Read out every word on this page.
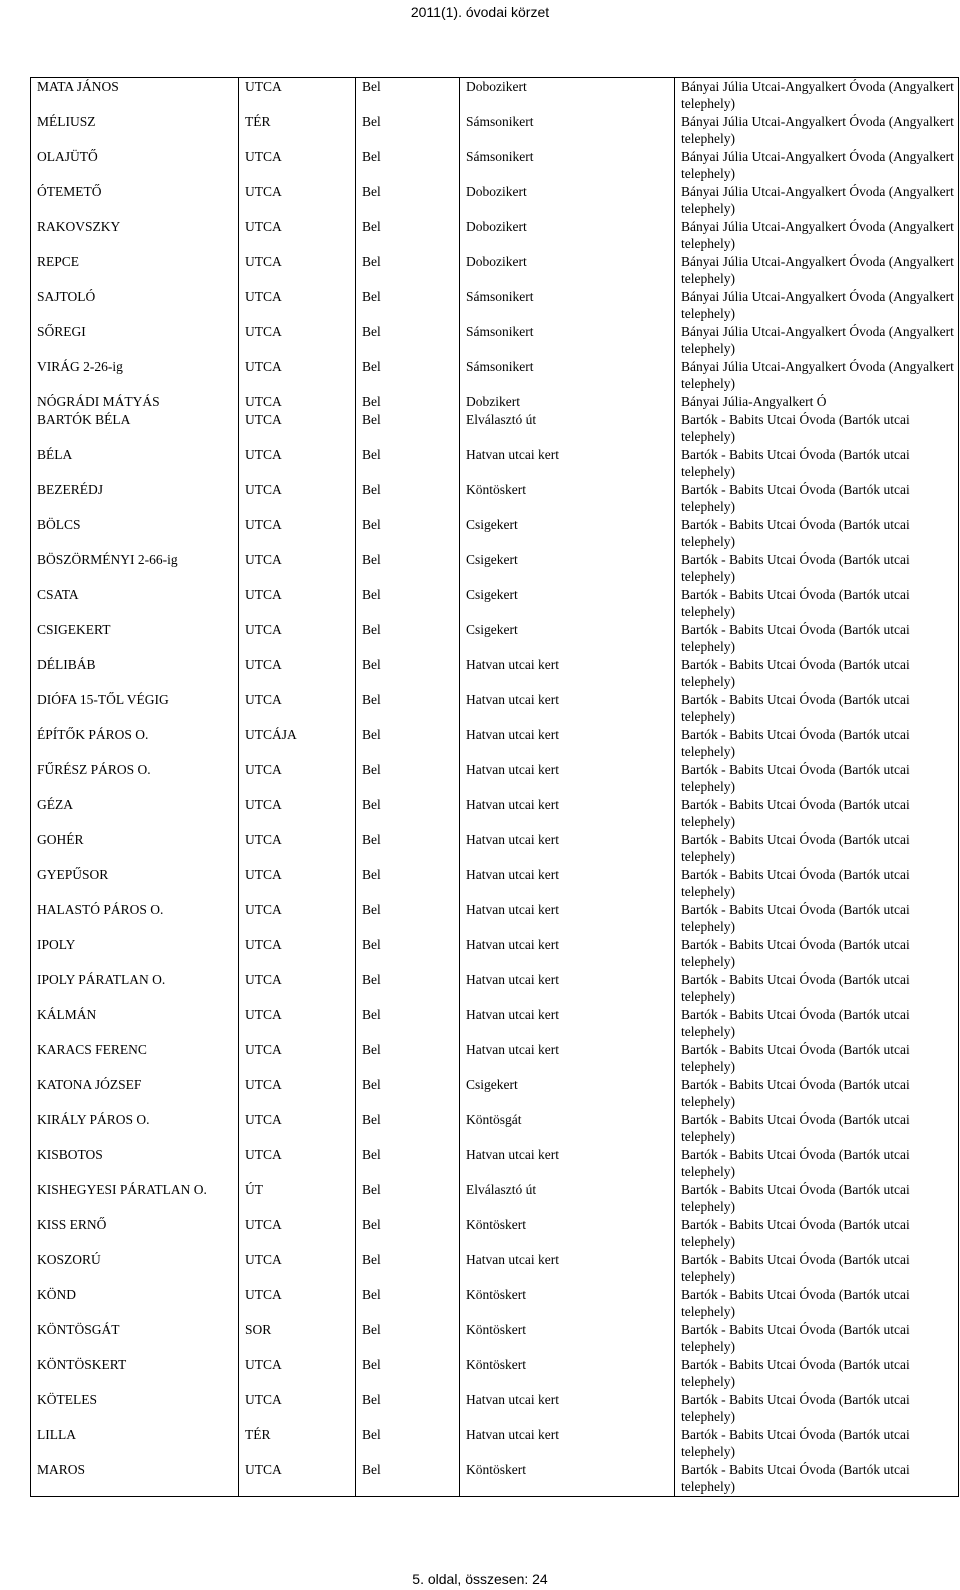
2011(1). óvodai körzet
MATA JÁNOS	UTCA	Bel	Dobozikert	Bányai Júlia Utcai-Angyalkert Óvoda (Angyalkert telephely)
MÉLIUSZ	TÉR	Bel	Sámsonikert	Bányai Júlia Utcai-Angyalkert Óvoda (Angyalkert telephely)
OLAJÜTŐ	UTCA	Bel	Sámsonikert	Bányai Júlia Utcai-Angyalkert Óvoda (Angyalkert telephely)
ÓTEMETŐ	UTCA	Bel	Dobozikert	Bányai Júlia Utcai-Angyalkert Óvoda (Angyalkert telephely)
RAKOVSZKY	UTCA	Bel	Dobozikert	Bányai Júlia Utcai-Angyalkert Óvoda (Angyalkert telephely)
REPCE	UTCA	Bel	Dobozikert	Bányai Júlia Utcai-Angyalkert Óvoda (Angyalkert telephely)
SAJTOLÓ	UTCA	Bel	Sámsonikert	Bányai Júlia Utcai-Angyalkert Óvoda (Angyalkert telephely)
SŐREGI	UTCA	Bel	Sámsonikert	Bányai Júlia Utcai-Angyalkert Óvoda (Angyalkert telephely)
VIRÁG 2-26-ig	UTCA	Bel	Sámsonikert	Bányai Júlia Utcai-Angyalkert Óvoda (Angyalkert telephely)
NÓGRÁDI MÁTYÁS	UTCA	Bel	Dobzikert	Bányai Júlia-Angyalkert Ó
BARTÓK BÉLA	UTCA	Bel	Elválasztó út	Bartók - Babits Utcai Óvoda (Bartók utcai telephely)
BÉLA	UTCA	Bel	Hatvan utcai kert	Bartók - Babits Utcai Óvoda (Bartók utcai telephely)
BEZERÉDJ	UTCA	Bel	Köntöskert	Bartók - Babits Utcai Óvoda (Bartók utcai telephely)
BÖLCS	UTCA	Bel	Csigekert	Bartók - Babits Utcai Óvoda (Bartók utcai telephely)
BÖSZÖRMÉNYI 2-66-ig	UTCA	Bel	Csigekert	Bartók - Babits Utcai Óvoda (Bartók utcai telephely)
CSATA	UTCA	Bel	Csigekert	Bartók - Babits Utcai Óvoda (Bartók utcai telephely)
CSIGEKERT	UTCA	Bel	Csigekert	Bartók - Babits Utcai Óvoda (Bartók utcai telephely)
DÉLIBÁB	UTCA	Bel	Hatvan utcai kert	Bartók - Babits Utcai Óvoda (Bartók utcai telephely)
DIÓFA 15-TŐL VÉGIG	UTCA	Bel	Hatvan utcai kert	Bartók - Babits Utcai Óvoda (Bartók utcai telephely)
ÉPÍTŐK PÁROS O.	UTCÁJA	Bel	Hatvan utcai kert	Bartók - Babits Utcai Óvoda (Bartók utcai telephely)
FŰRÉSZ PÁROS O.	UTCA	Bel	Hatvan utcai kert	Bartók - Babits Utcai Óvoda (Bartók utcai telephely)
GÉZA	UTCA	Bel	Hatvan utcai kert	Bartók - Babits Utcai Óvoda (Bartók utcai telephely)
GOHÉR	UTCA	Bel	Hatvan utcai kert	Bartók - Babits Utcai Óvoda (Bartók utcai telephely)
GYEPŰSOR	UTCA	Bel	Hatvan utcai kert	Bartók - Babits Utcai Óvoda (Bartók utcai telephely)
HALASTÓ PÁROS O.	UTCA	Bel	Hatvan utcai kert	Bartók - Babits Utcai Óvoda (Bartók utcai telephely)
IPOLY	UTCA	Bel	Hatvan utcai kert	Bartók - Babits Utcai Óvoda (Bartók utcai telephely)
IPOLY PÁRATLAN O.	UTCA	Bel	Hatvan utcai kert	Bartók - Babits Utcai Óvoda (Bartók utcai telephely)
KÁLMÁN	UTCA	Bel	Hatvan utcai kert	Bartók - Babits Utcai Óvoda (Bartók utcai telephely)
KARACS FERENC	UTCA	Bel	Hatvan utcai kert	Bartók - Babits Utcai Óvoda (Bartók utcai telephely)
KATONA JÓZSEF	UTCA	Bel	Csigekert	Bartók - Babits Utcai Óvoda (Bartók utcai telephely)
KIRÁLY PÁROS O.	UTCA	Bel	Köntösgát	Bartók - Babits Utcai Óvoda (Bartók utcai telephely)
KISBOTOS	UTCA	Bel	Hatvan utcai kert	Bartók - Babits Utcai Óvoda (Bartók utcai telephely)
KISHEGYESI PÁRATLAN O.	ÚT	Bel	Elválasztó út	Bartók - Babits Utcai Óvoda (Bartók utcai telephely)
KISS ERNŐ	UTCA	Bel	Köntöskert	Bartók - Babits Utcai Óvoda (Bartók utcai telephely)
KOSZORÚ	UTCA	Bel	Hatvan utcai kert	Bartók - Babits Utcai Óvoda (Bartók utcai telephely)
KÖND	UTCA	Bel	Köntöskert	Bartók - Babits Utcai Óvoda (Bartók utcai telephely)
KÖNTÖSGÁT	SOR	Bel	Köntöskert	Bartók - Babits Utcai Óvoda (Bartók utcai telephely)
KÖNTÖSKERT	UTCA	Bel	Köntöskert	Bartók - Babits Utcai Óvoda (Bartók utcai telephely)
KÖTELES	UTCA	Bel	Hatvan utcai kert	Bartók - Babits Utcai Óvoda (Bartók utcai telephely)
LILLA	TÉR	Bel	Hatvan utcai kert	Bartók - Babits Utcai Óvoda (Bartók utcai telephely)
MAROS	UTCA	Bel	Köntöskert	Bartók - Babits Utcai Óvoda (Bartók utcai telephely)
5. oldal, összesen: 24
